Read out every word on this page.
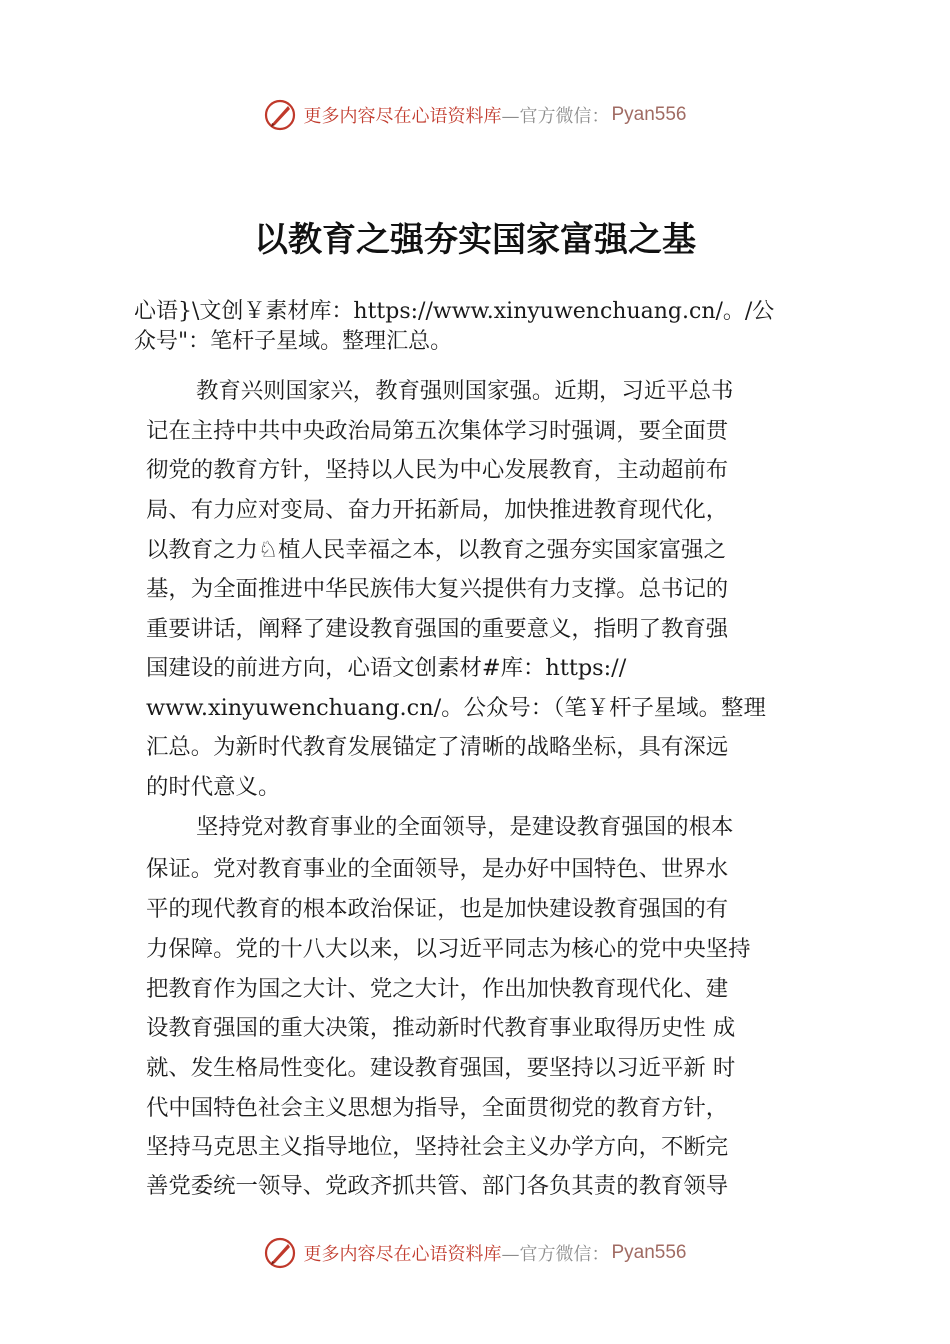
更多内容尽在心语资料库 —官方微信： Pyan556
以教育之强夯实国家富强之基
心语}\文创￥素材库：https://www.xinyuwenchuang.cn/。/公
众号"：笔杆子星域。整理汇总。
教育兴则国家兴，教育强则国家强。近期，习近平总书
记在主持中共中央政治局第五次集体学习时强调，要全面贯
彻党的教育方针，坚持以人民为中心发展教育，主动超前布
局、有力应对变局、奋力开拓新局，加快推进教育现代化，
以教育之力♘植人民幸福之本，以教育之强夯实国家富强之
基，为全面推进中华民族伟大复兴提供有力支撑。总书记的
重要讲话，阐释了建设教育强国的重要意义，指明了教育强
国建设的前进方向，心语文创素材#库：https://
www.xinyuwenchuang.cn/。公众号：（笔￥杆子星域。整理
汇总。为新时代教育发展锚定了清晰的战略坐标，具有深远
的时代意义。
坚持党对教育事业的全面领导，是建设教育强国的根本
保证。党对教育事业的全面领导，是办好中国特色、世界水
平的现代教育的根本政治保证，也是加快建设教育强国的有
力保障。党的十八大以来，以习近平同志为核心的党中央坚持
把教育作为国之大计、党之大计，作出加快教育现代化、建
设教育强国的重大决策，推动新时代教育事业取得历史性 成
就、发生格局性变化。建设教育强国，要坚持以习近平新 时
代中国特色社会主义思想为指导，全面贯彻党的教育方针，
坚持马克思主义指导地位，坚持社会主义办学方向，不断完
善党委统一领导、党政齐抓共管、部门各负其责的教育领导
更多内容尽在心语资料库 —官方微信： Pyan556
